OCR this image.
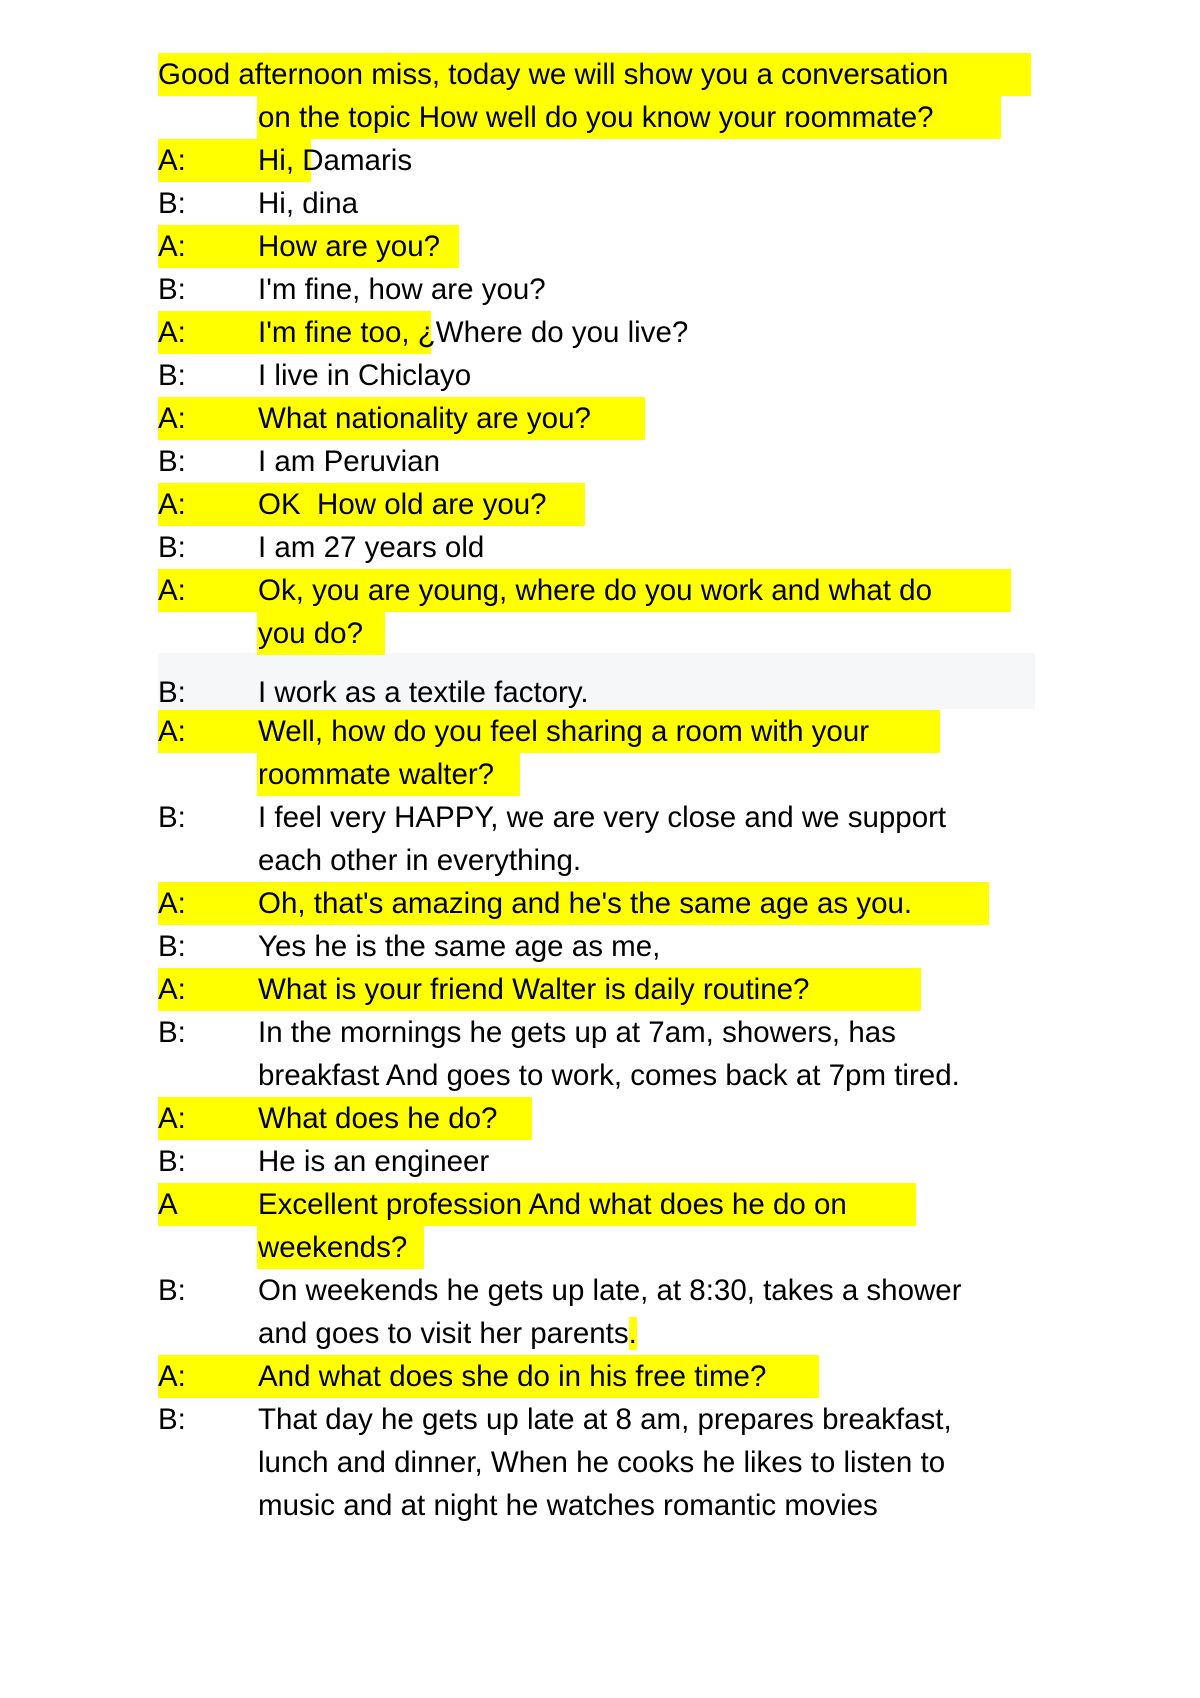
Good afternoon miss, today we will show you a conversation
on the topic How well do you know your roommate?
A: Hi, Damaris
B: Hi, dina
A: How are you?
B: I'm fine, how are you?
A: I'm fine too, ¿Where do you live?
B: I live in Chiclayo
A: What nationality are you?
B: I am Peruvian
A: OK  How old are you?
B: I am 27 years old
A: Ok, you are young, where do you work and what do
you do?
B: I work as a textile factory.
A: Well, how do you feel sharing a room with your
roommate walter?
B: I feel very HAPPY, we are very close and we support
each other in everything.
A: Oh, that's amazing and he's the same age as you.
B: Yes he is the same age as me,
A: What is your friend Walter is daily routine?
B: In the mornings he gets up at 7am, showers, has
breakfast And goes to work, comes back at 7pm tired.
A: What does he do?
B: He is an engineer
A	Excellent profession And what does he do on
weekends?
B: On weekends he gets up late, at 8:30, takes a shower
and goes to visit her parents.
A: And what does she do in his free time?
B: That day he gets up late at 8 am, prepares breakfast,
lunch and dinner, When he cooks he likes to listen to
music and at night he watches romantic movies
